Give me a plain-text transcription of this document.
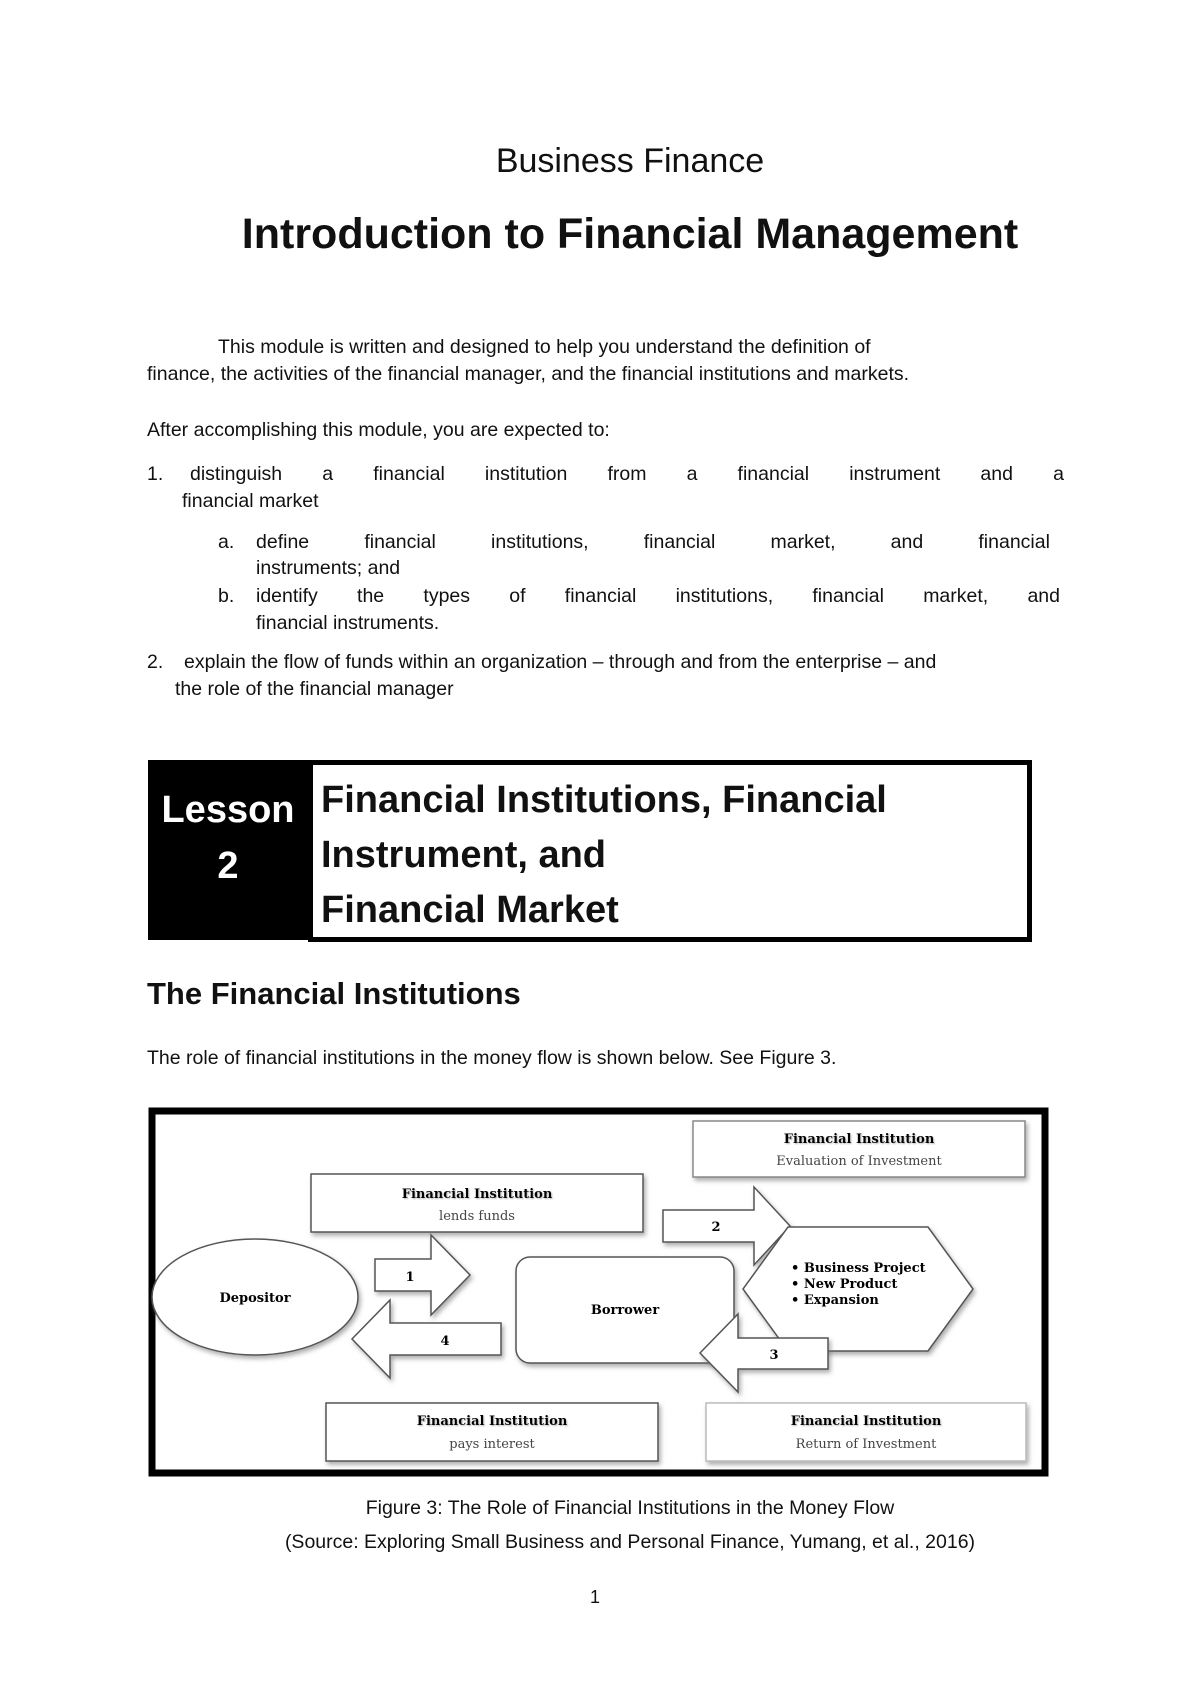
Business Finance
Introduction to Financial Management
This module is written and designed to help you understand the definition of
finance, the activities of the financial manager, and the financial institutions and markets.
After accomplishing this module, you are expected to:
1. distinguish a financial institution from a financial instrument and a
financial market
a. define	financial	institutions,	financial	market,	and	financial
instruments; and
b. identify the types of financial institutions, financial market, and
financial instruments.
2. explain the flow of funds within an organization – through and from the enterprise – and
the role of the financial manager
Lesson
2
Financial Institutions, Financial
Instrument, and
Financial Market
The Financial Institutions
The role of financial institutions in the money flow is shown below. See Figure 3.
Financial Institution
Evaluation of Investment
Financial Institution
lends funds
2
• Business Project
• New Product
• Expansion
Depositor
1
4
Borrower
3
Financial Institution
pays interest
Financial Institution
Return of Investment
Figure 3: The Role of Financial Institutions in the Money Flow
(Source: Exploring Small Business and Personal Finance, Yumang, et al., 2016)
1
